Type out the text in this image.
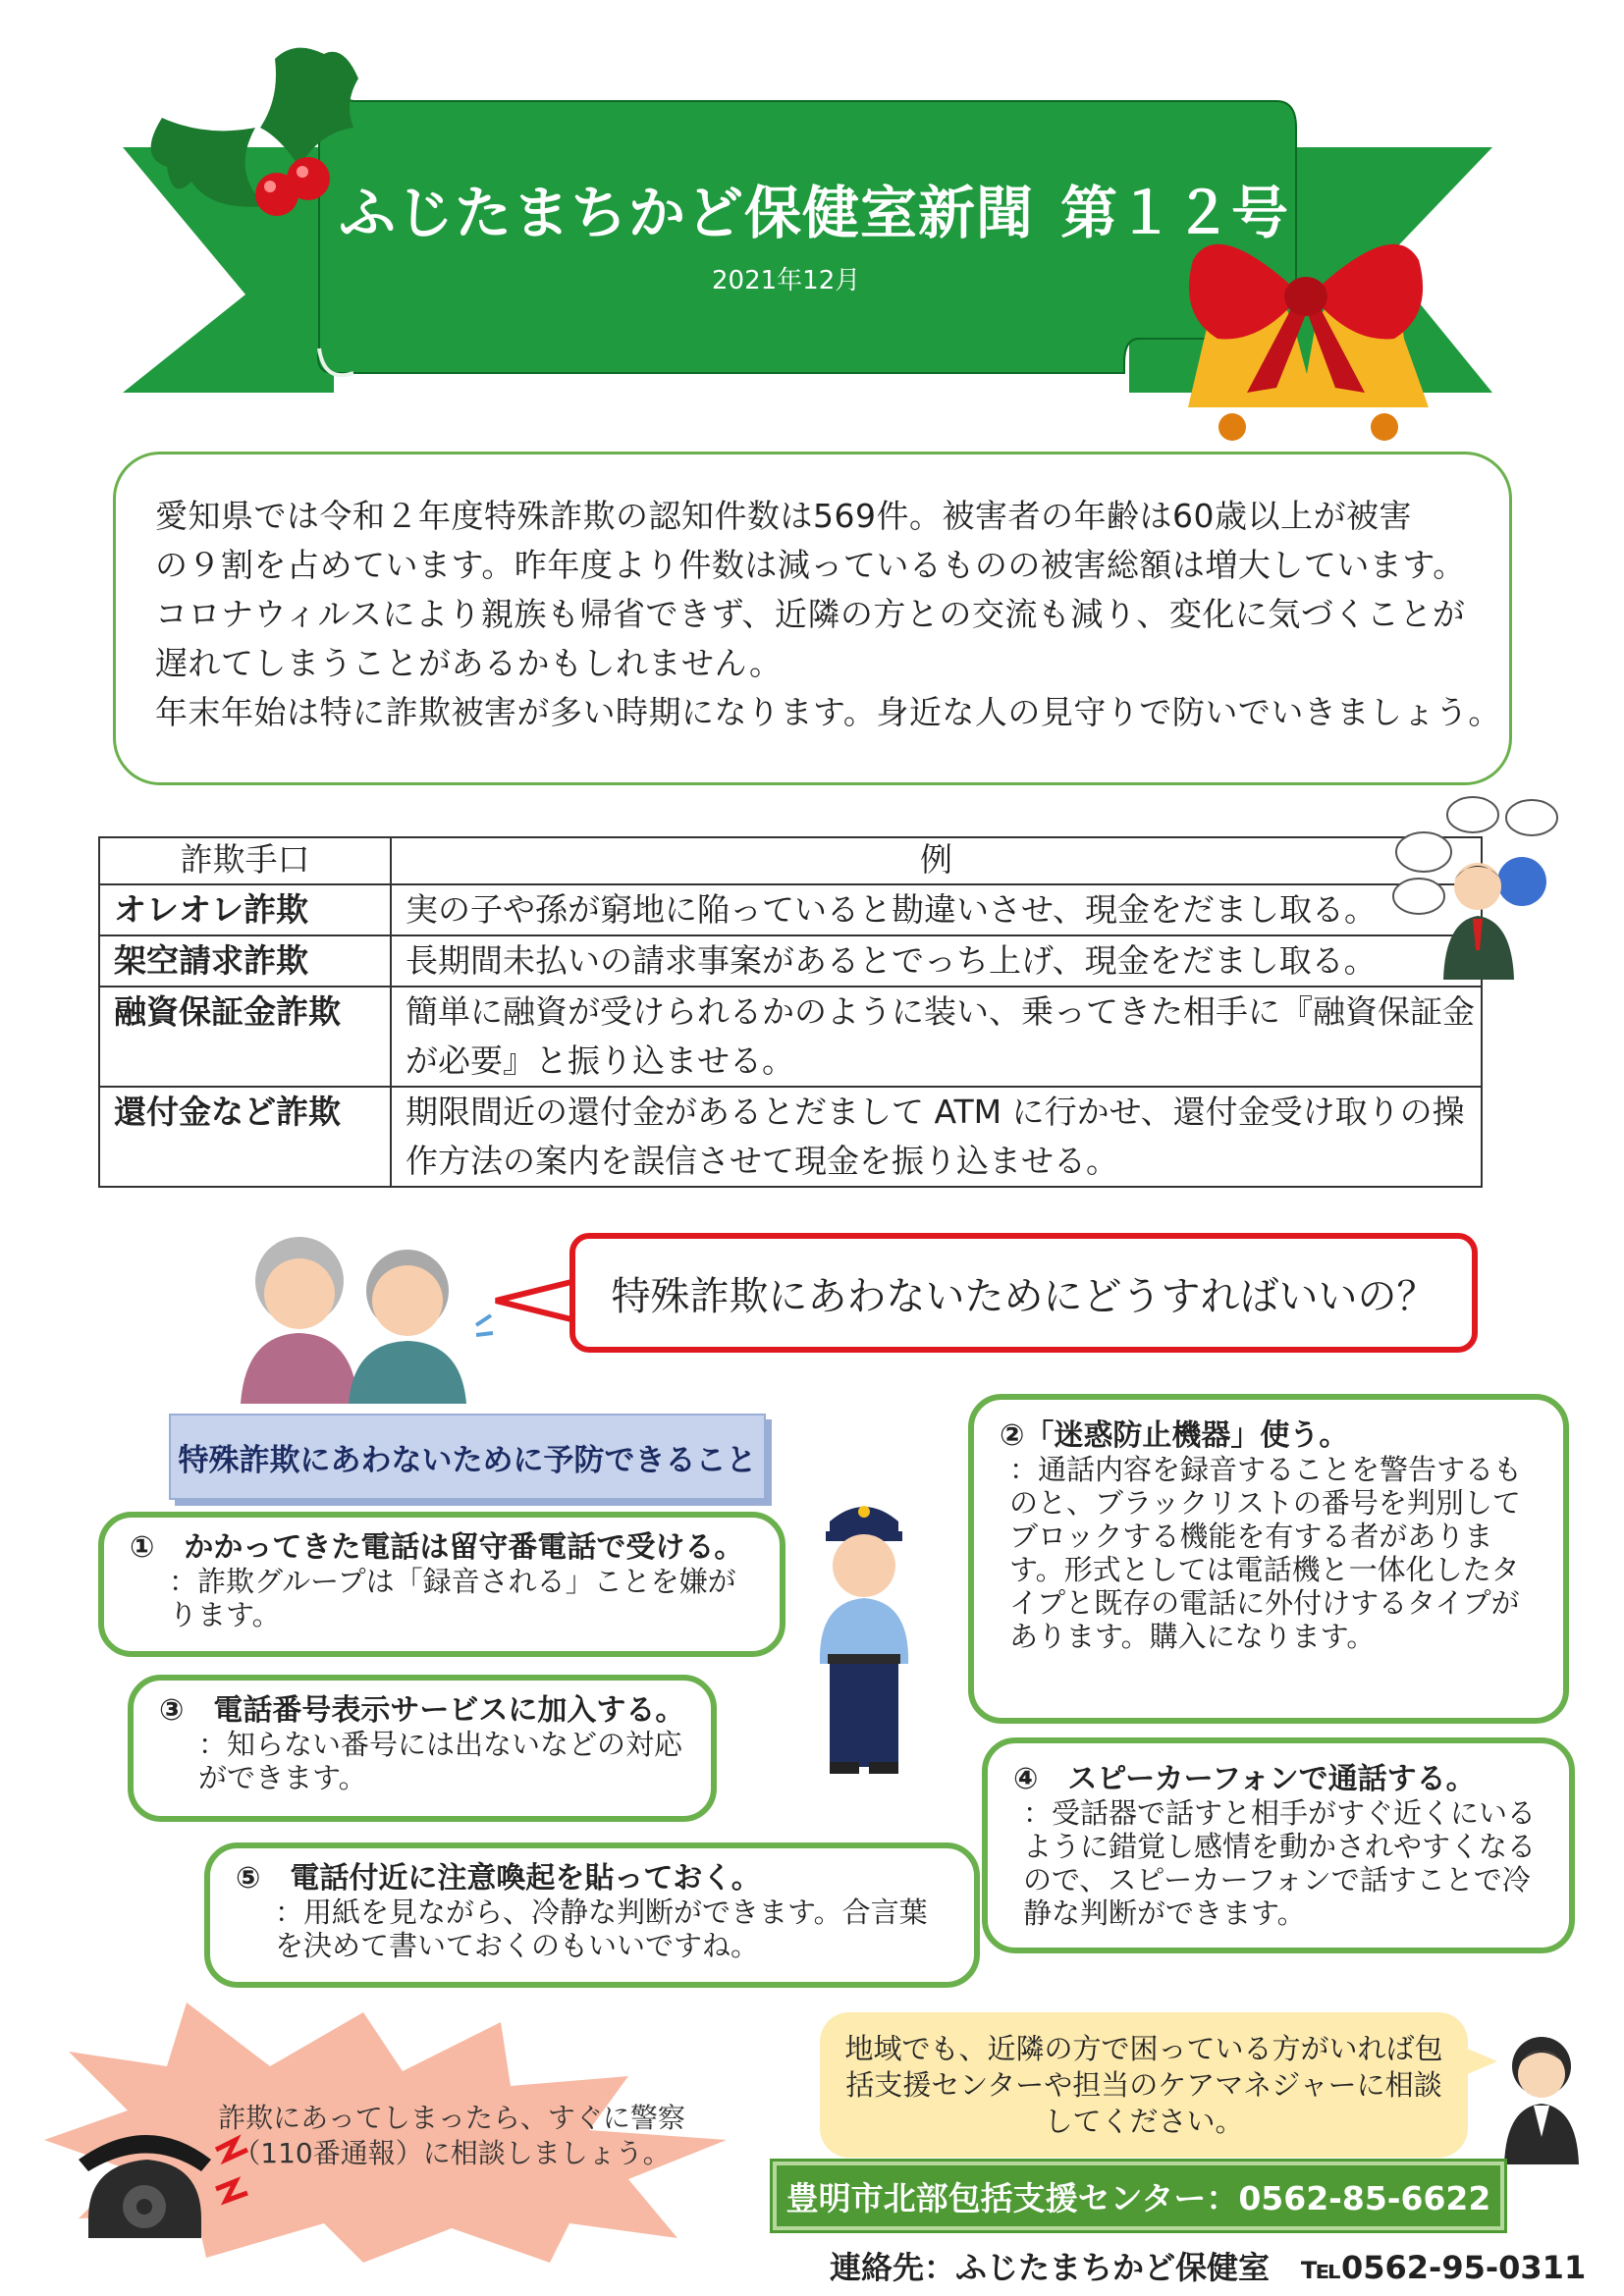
ふじたまちかど保健室新聞 第１２号
2021年12月

愛知県では令和２年度特殊詐欺の認知件数は569件。被害者の年齢は60歳以上が被害

の９割を占めています。昨年度より件数は減っているものの被害総額は増大しています。

コロナウィルスにより親族も帰省できず、近隣の方との交流も減り、変化に気づくことが

遅れてしまうことがあるかもしれません。

年末年始は特に詐欺被害が多い時期になります。身近な人の見守りで防いでいきましょう。

詐欺手口	例
オレオレ詐欺	実の子や孫が窮地に陥っていると勘違いさせ、現金をだまし取る。
架空請求詐欺	長期間未払いの請求事案があるとでっち上げ、現金をだまし取る。
融資保証金詐欺	簡単に融資が受けられるかのように装い、乗ってきた相手に『融資保証金が必要』と振り込ませる。
還付金など詐欺	期限間近の還付金があるとだまして ATM に行かせ、還付金受け取りの操作方法の案内を誤信させて現金を振り込ませる。
特殊詐欺にあわないためにどうすればいいの？
特殊詐欺にあわないために予防できること
①　かかってきた電話は留守番電話で受ける。
：詐欺グループは「録音される」ことを嫌がります。
③　電話番号表示サービスに加入する。
：知らない番号には出ないなどの対応ができます。
⑤　電話付近に注意喚起を貼っておく。
：用紙を見ながら、冷静な判断ができます。合言葉を決めて書いておくのもいいですね。
②「迷惑防止機器」使う。
：通話内容を録音することを警告するものと、ブラックリストの番号を判別してブロックする機能を有する者があります。形式としては電話機と一体化したタイプと既存の電話に外付けするタイプがあります。購入になります。
④　スピーカーフォンで通話する。
：受話器で話すと相手がすぐ近くにいるように錯覚し感情を動かされやすくなるので、スピーカーフォンで話すことで冷静な判断ができます。
詐欺にあってしまったら、すぐに警察（110番通報）に相談しましょう。
地域でも、近隣の方で困っている方がいれば包括支援センターや担当のケアマネジャーに相談してください。
豊明市北部包括支援センター：0562-85-6622
連絡先：ふじたまちかど保健室　℡0562-95-0311
